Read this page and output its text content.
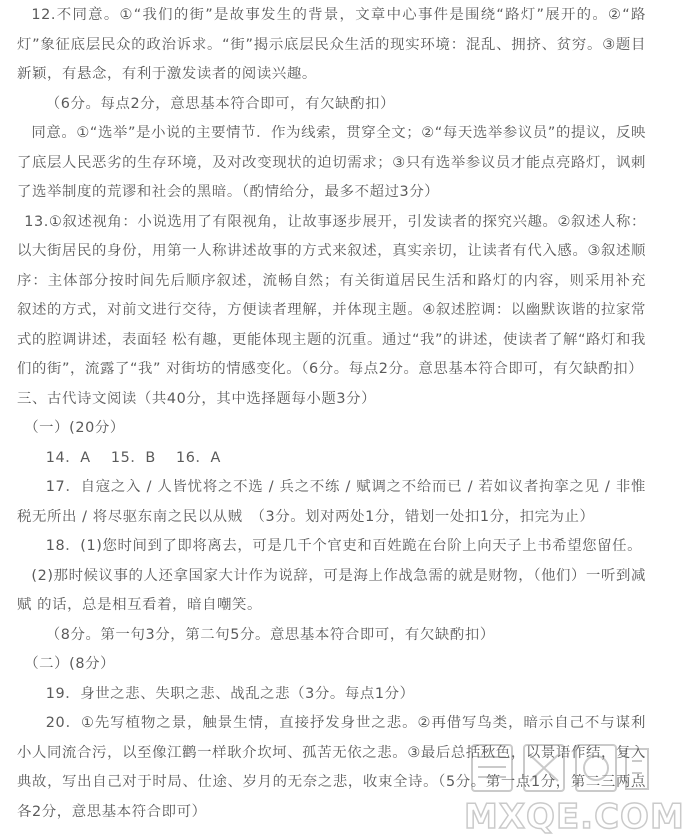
12.不同意。①“我们的街”是故事发生的背景，文章中心事件是围绕“路灯”展开的。②“路灯”象征底层民众的政治诉求。“街”揭示底层民众生活的现实环境：混乱、拥挤、贫穷。③题目新颖，有悬念，有利于激发读者的阅读兴趣。

（6分。每点2分，意思基本符合即可，有欠缺酌扣）

同意。①“选举”是小说的主要情节．作为线索，贯穿全文；②“每天选举参议员”的提议，反映了底层人民恶劣的生存环境，及对改变现状的迫切需求；③只有选举参议员才能点亮路灯，讽刺了选举制度的荒谬和社会的黑暗。（酌情给分，最多不超过3分）

13.①叙述视角：小说选用了有限视角，让故事逐步展开，引发读者的探究兴趣。②叙述人称：以大街居民的身份，用第一人称讲述故事的方式来叙述，真实亲切，让读者有代入感。③叙述顺序：主体部分按时间先后顺序叙述，流畅自然；有关街道居民生活和路灯的内容，则采用补充叙述的方式，对前文进行交待，方便读者理解，并体现主题。④叙述腔调：以幽默诙谐的拉家常式的腔调讲述，表面轻 松有趣，更能体现主题的沉重。通过“我”的讲述，使读者了解“路灯和我们的街”，流露了“我” 对街坊的情感变化。（6分。每点2分。意思基本符合即可，有欠缺酌扣）

三、古代诗文阅读（共40分，其中选择题每小题3分）

（一）(20分）

14．A　 15．B　 16．A

17．自寇之入 / 人皆忧将之不选 / 兵之不练 / 赋调之不给而已 / 若如议者拘挛之见 / 非惟税无所出 / 将尽驱东南之民以从贼　（3分。划对两处1分，错划一处扣1分，扣完为止）

18．(1)您时间到了即将离去，可是几千个官吏和百姓跪在台阶上向天子上书希望您留任。

(2)那时候议事的人还拿国家大计作为说辞，可是海上作战急需的就是财物，（他们）一听到减赋 的话，总是相互看着，暗自嘲笑。

（8分。第一句3分，第二句5分。意思基本符合即可，有欠缺酌扣）

（二）(8分）

19．身世之悲、失职之悲、战乱之悲（3分。每点1分）

20．①先写植物之景，触景生情，直接抒发身世之悲。②再借写鸟类，暗示自己不与谋利小人同流合污，以至像江鹳一样耿介坎坷、孤苦无依之悲。③最后总括秋色，以景语作结，复入典故，写出自己对于时局、仕途、岁月的无奈之悲，收束全诗。（5分。第一点1分，第二三两点各2分，意思基本符合即可）	MXQE.COM
